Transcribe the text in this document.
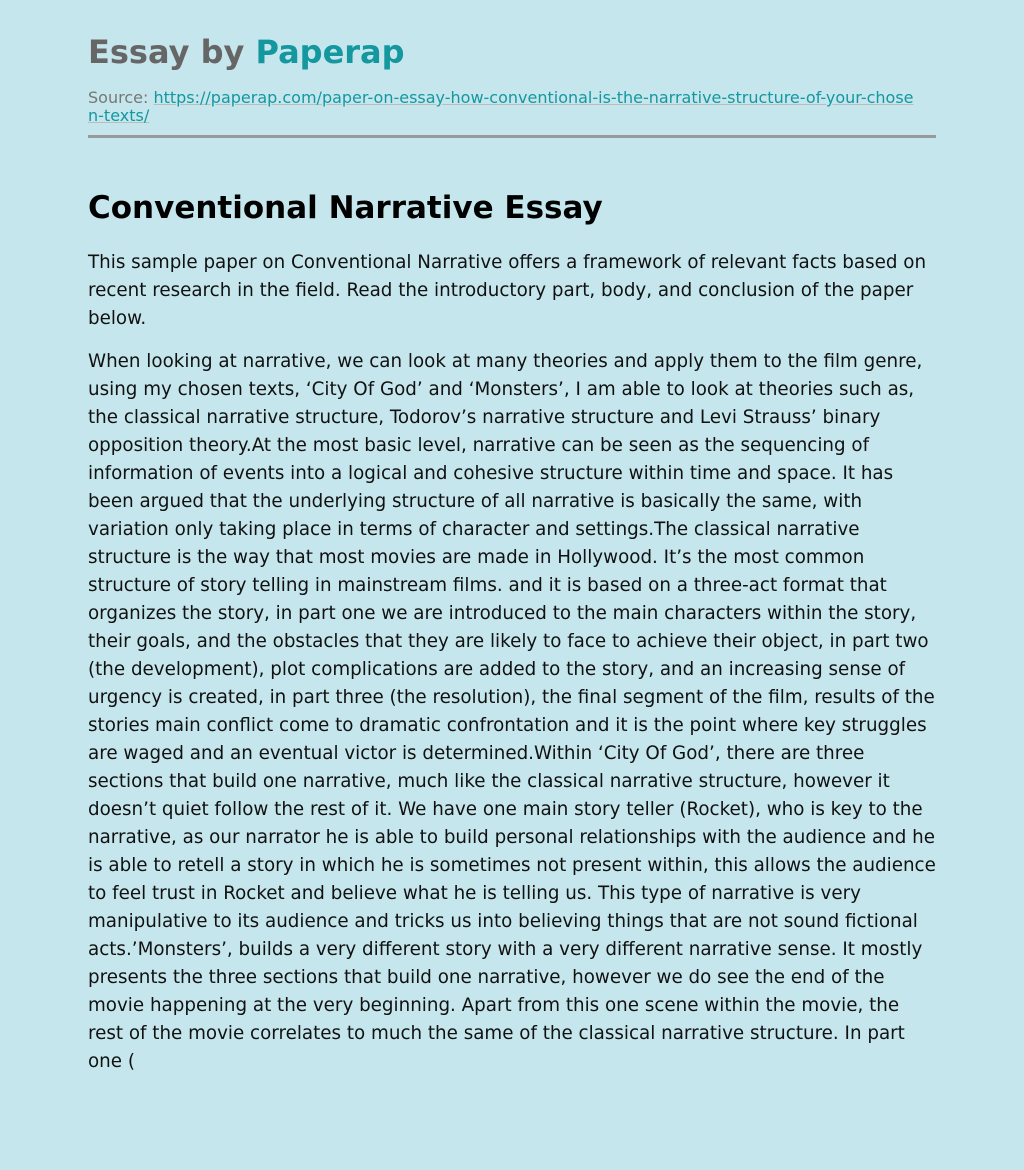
Essay by Paperap
Source: https://paperap.com/paper-on-essay-how-conventional-is-the-narrative-structure-of-your-chosen-texts/
Conventional Narrative Essay

This sample paper on Conventional Narrative offers a framework of relevant facts based on recent research in the field. Read the introductory part, body, and conclusion of the paper below.

When looking at narrative, we can look at many theories and apply them to the film genre, using my chosen texts, ‘City Of God’ and ‘Monsters’, I am able to look at theories such as, the classical narrative structure, Todorov’s narrative structure and Levi Strauss’ binary opposition theory.At the most basic level, narrative can be seen as the sequencing of information of events into a logical and cohesive structure within time and space. It has been argued that the underlying structure of all narrative is basically the same, with variation only taking place in terms of character and settings.The classical narrative structure is the way that most movies are made in Hollywood. It’s the most common structure of story telling in mainstream films. and it is based on a three-act format that organizes the story, in part one we are introduced to the main characters within the story, their goals, and the obstacles that they are likely to face to achieve their object, in part two (the development), plot complications are added to the story, and an increasing sense of urgency is created, in part three (the resolution), the final segment of the film, results of the stories main conflict come to dramatic confrontation and it is the point where key struggles are waged and an eventual victor is determined.Within ‘City Of God’, there are three sections that build one narrative, much like the classical narrative structure, however it doesn’t quiet follow the rest of it. We have one main story teller (Rocket), who is key to the narrative, as our narrator he is able to build personal relationships with the audience and he is able to retell a story in which he is sometimes not present within, this allows the audience to feel trust in Rocket and believe what he is telling us. This type of narrative is very manipulative to its audience and tricks us into believing things that are not sound fictional acts.’Monsters’, builds a very different story with a very different narrative sense. It mostly presents the three sections that build one narrative, however we do see the end of the movie happening at the very beginning. Apart from this one scene within the movie, the rest of the movie correlates to much the same of the classical narrative structure. In part one (
